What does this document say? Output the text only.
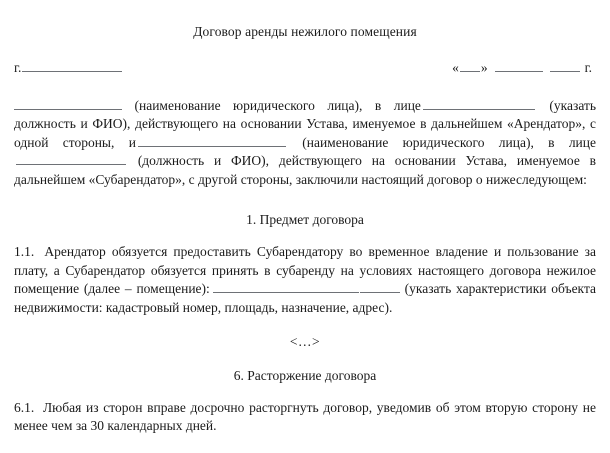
Договор аренды нежилого помещения
г.	« »	г.

(наименование юридического лица), в лице	(указать должность и ФИО), действующего на основании Устава, именуемое в дальнейшем «Арендатор», с одной стороны, и	(наименование юридического лица), в лице (должность и ФИО), действующего на основании Устава, именуемое в дальнейшем «Субарендатор», с другой стороны, заключили настоящий договор о нижеследующем:

1. Предмет договора

1.1. Арендатор обязуется предоставить Субарендатору во временное владение и пользование за плату, а Субарендатор обязуется принять в субаренду на условиях настоящего договора нежилое помещение (далее – помещение):	(указать характеристики объекта недвижимости: кадастровый номер, площадь, назначение, адрес).

<…>
6. Расторжение договора

6.1. Любая из сторон вправе досрочно расторгнуть договор, уведомив об этом вторую сторону не менее чем за 30 календарных дней.
